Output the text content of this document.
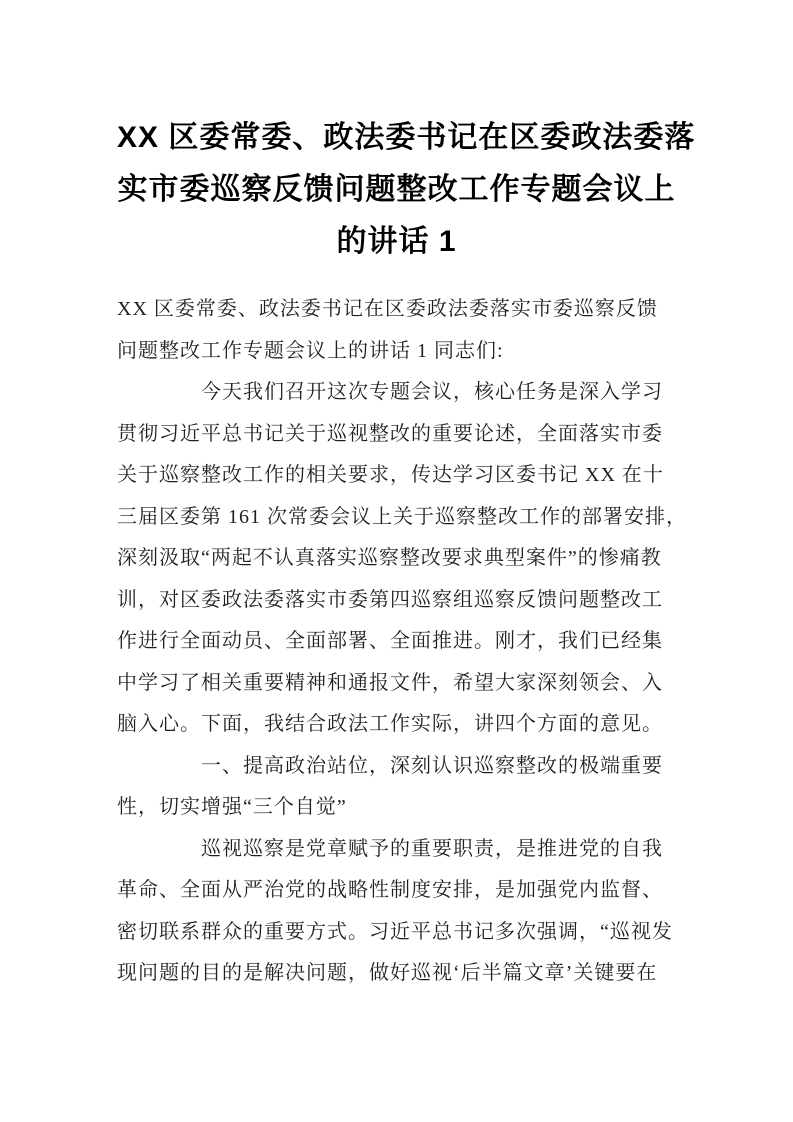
XX 区委常委、政法委书记在区委政法委落
实市委巡察反馈问题整改工作专题会议上
的讲话 1
XX 区委常委、政法委书记在区委政法委落实市委巡察反馈
问题整改工作专题会议上的讲话 1 同志们:
今天我们召开这次专题会议，核心任务是深入学习
贯彻习近平总书记关于巡视整改的重要论述，全面落实市委
关于巡察整改工作的相关要求，传达学习区委书记 XX 在十
三届区委第 161 次常委会议上关于巡察整改工作的部署安排，
深刻汲取“两起不认真落实巡察整改要求典型案件”的惨痛教
训，对区委政法委落实市委第四巡察组巡察反馈问题整改工
作进行全面动员、全面部署、全面推进。刚才，我们已经集
中学习了相关重要精神和通报文件，希望大家深刻领会、入
脑入心。下面，我结合政法工作实际，讲四个方面的意见。
一、提高政治站位，深刻认识巡察整改的极端重要
性，切实增强“三个自觉”
巡视巡察是党章赋予的重要职责，是推进党的自我
革命、全面从严治党的战略性制度安排，是加强党内监督、
密切联系群众的重要方式。习近平总书记多次强调，“巡视发
现问题的目的是解决问题，做好巡视‘后半篇文章’关键要在
